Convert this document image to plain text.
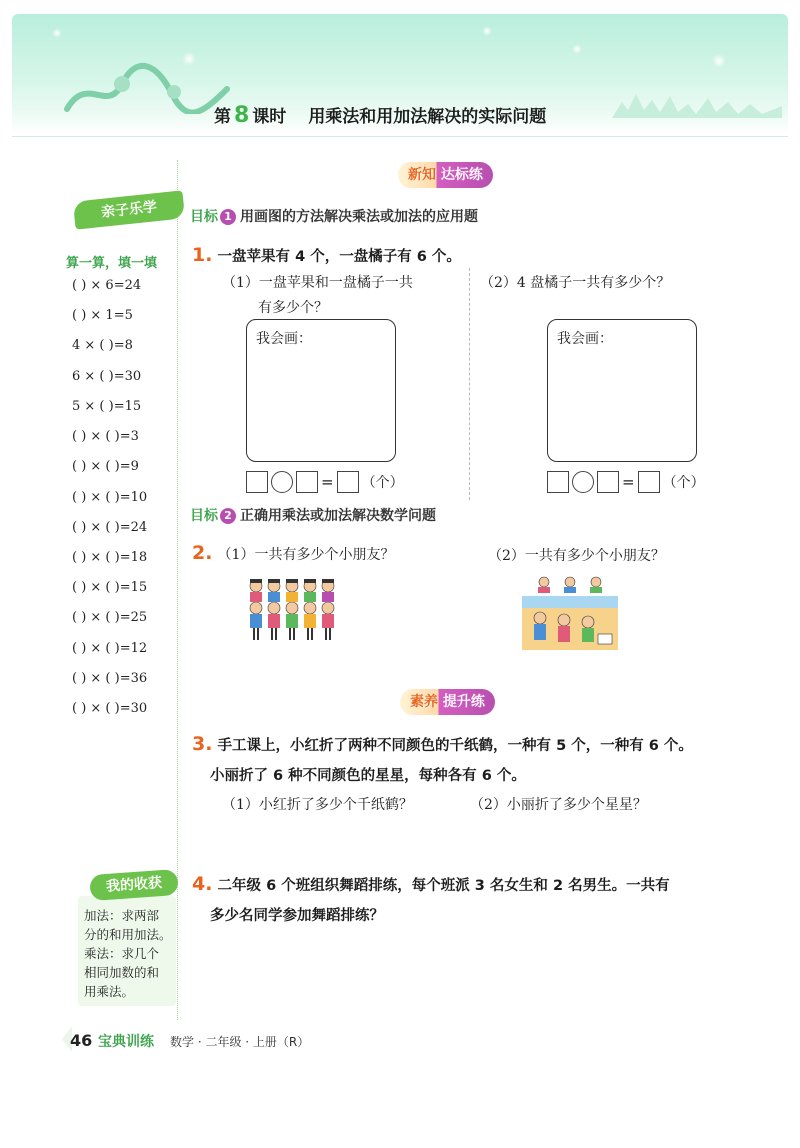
第 8 课时 用乘法和用加法解决的实际问题
亲子乐学
算一算，填一填
( ) × 6=24
( ) × 1=5
4 × ( )=8
6 × ( )=30
5 × ( )=15
( ) × ( )=3
( ) × ( )=9
( ) × ( )=10
( ) × ( )=24
( ) × ( )=18
( ) × ( )=15
( ) × ( )=25
( ) × ( )=12
( ) × ( )=36
( ) × ( )=30
我的收获
加法：求两部
分的和用加法。
乘法：求几个
相同加数的和
用乘法。
新知 达标练
目标 1 用画图的方法解决乘法或加法的应用题
1. 一盘苹果有 4 个，一盘橘子有 6 个。
（1）一盘苹果和一盘橘子一共
有多少个？
（2）4 盘橘子一共有多少个？
我会画：	我会画：
= （个）	= （个）
目标 2 正确用乘法或加法解决数学问题
2. （1）一共有多少个小朋友？	（2）一共有多少个小朋友？
素养 提升练
3. 手工课上，小红折了两种不同颜色的千纸鹤，一种有 5 个，一种有 6 个。
小丽折了 6 种不同颜色的星星，每种各有 6 个。
（1）小红折了多少个千纸鹤？	（2）小丽折了多少个星星？
4. 二年级 6 个班组织舞蹈排练，每个班派 3 名女生和 2 名男生。一共有
多少名同学参加舞蹈排练？
46 宝典训练 数学 · 二年级 · 上册（R）
